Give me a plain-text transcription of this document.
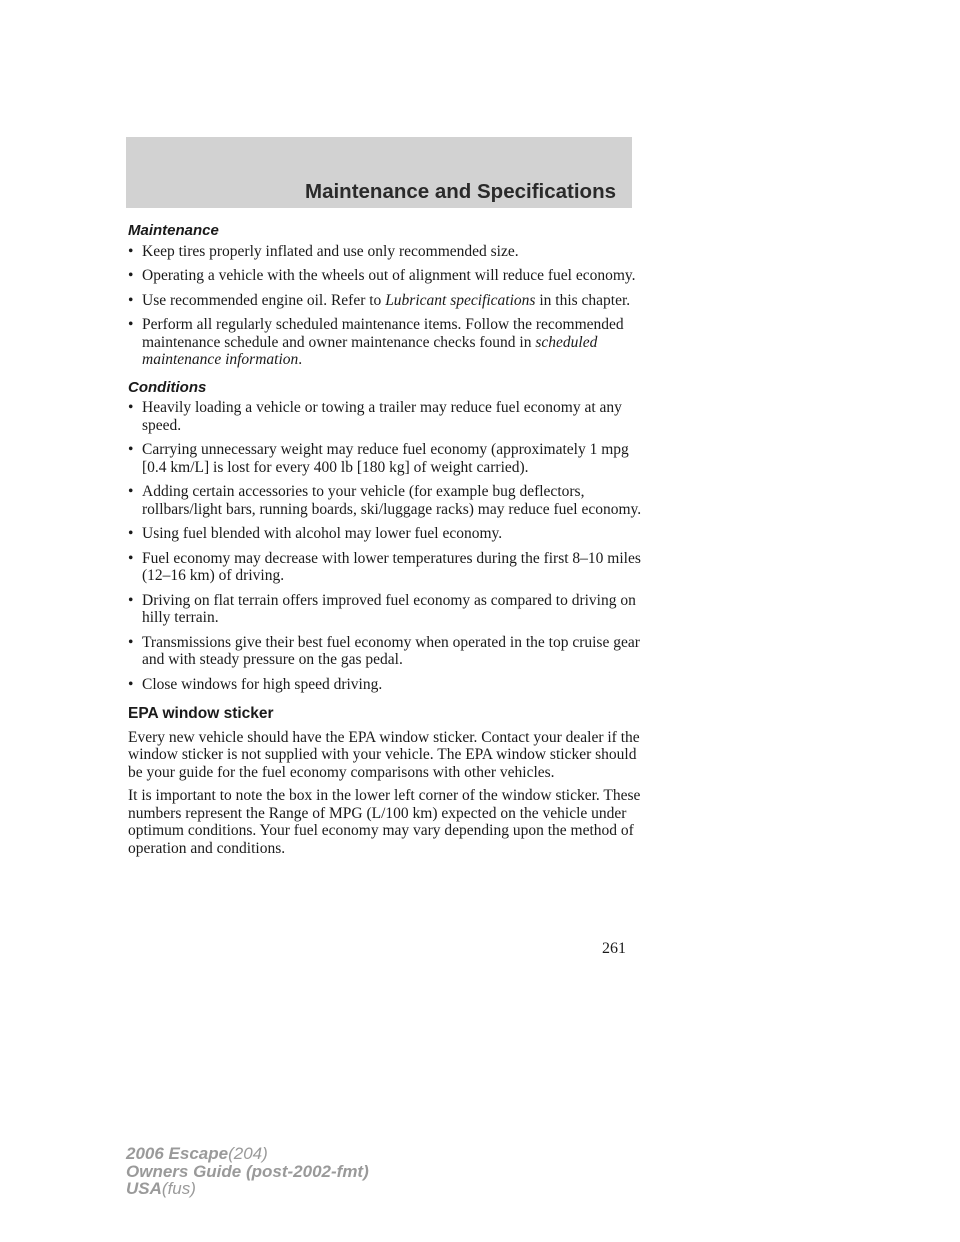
Maintenance and Specifications
Maintenance
• Keep tires properly inflated and use only recommended size.
• Operating a vehicle with the wheels out of alignment will reduce fuel economy.
• Use recommended engine oil. Refer to Lubricant specifications in this chapter.
• Perform all regularly scheduled maintenance items. Follow the recommended maintenance schedule and owner maintenance checks found in scheduled maintenance information.
Conditions
• Heavily loading a vehicle or towing a trailer may reduce fuel economy at any speed.
• Carrying unnecessary weight may reduce fuel economy (approximately 1 mpg [0.4 km/L] is lost for every 400 lb [180 kg] of weight carried).
• Adding certain accessories to your vehicle (for example bug deflectors, rollbars/light bars, running boards, ski/luggage racks) may reduce fuel economy.
• Using fuel blended with alcohol may lower fuel economy.
• Fuel economy may decrease with lower temperatures during the first 8–10 miles (12–16 km) of driving.
• Driving on flat terrain offers improved fuel economy as compared to driving on hilly terrain.
• Transmissions give their best fuel economy when operated in the top cruise gear and with steady pressure on the gas pedal.
• Close windows for high speed driving.
EPA window sticker

Every new vehicle should have the EPA window sticker. Contact your dealer if the window sticker is not supplied with your vehicle. The EPA window sticker should be your guide for the fuel economy comparisons with other vehicles.

It is important to note the box in the lower left corner of the window sticker. These numbers represent the Range of MPG (L/100 km) expected on the vehicle under optimum conditions. Your fuel economy may vary depending upon the method of operation and conditions.

261
2006 Escape(204)
Owners Guide (post-2002-fmt)
USA(fus)
